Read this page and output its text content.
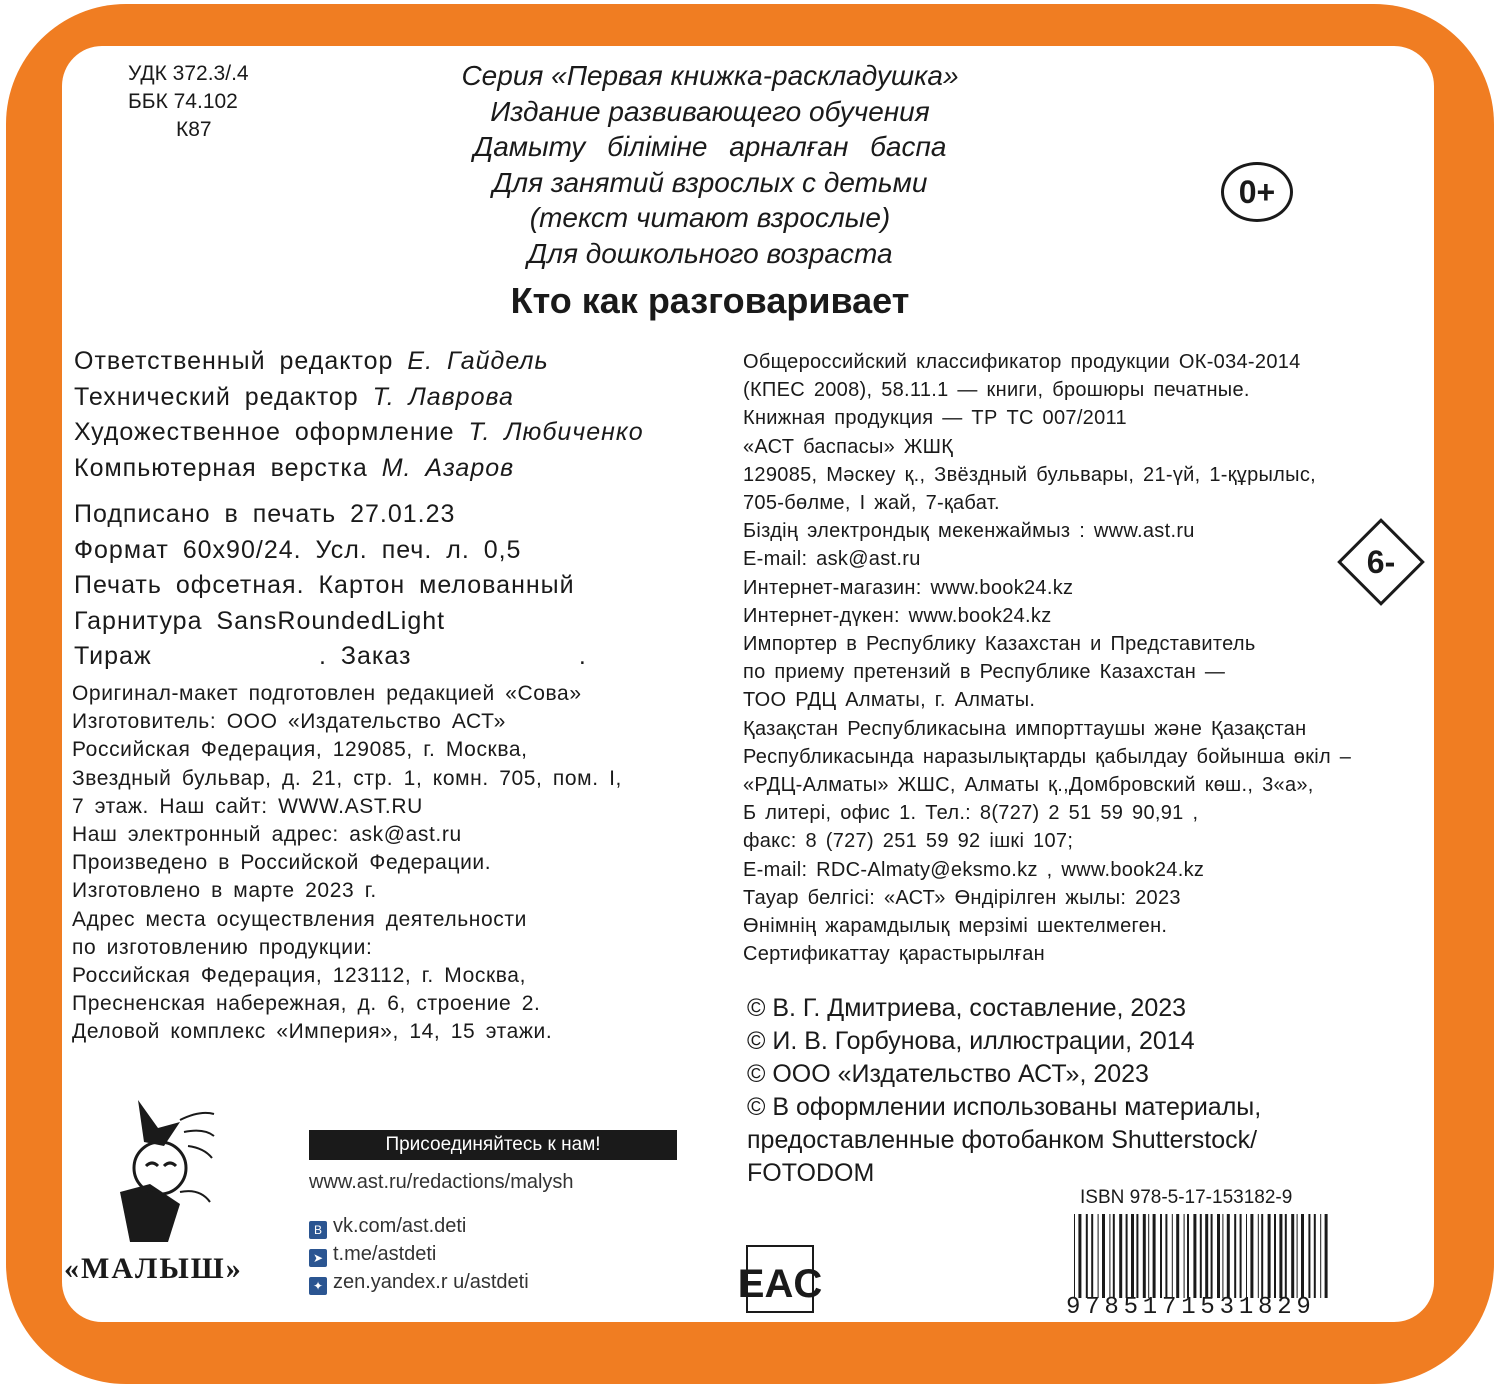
УДК 372.3/.4
ББК 74.102
К87
Серия «Первая книжка-раскладушка»
Издание развивающего обучения
Дамыту біліміне арналған баспа
Для занятий взрослых с детьми
(текст читают взрослые)
Для дошкольного возраста
Кто как разговаривает
0+
6-
Ответственный редактор Е. Гайдель
Технический редактор Т. Лаврова
Художественное оформление Т. Любиченко
Компьютерная верстка М. Азаров
Подписано в печать 27.01.23
Формат 60x90/24. Усл. печ. л. 0,5
Печать офсетная. Картон мелованный
Гарнитура SansRoundedLight
Тираж            . Заказ            .
Оригинал-макет подготовлен редакцией «Сова»
Изготовитель: ООО «Издательство АСТ»
Российская Федерация, 129085, г. Москва,
Звездный бульвар, д. 21, стр. 1, комн. 705, пом. I,
7 этаж. Наш сайт: WWW.AST.RU
Наш электронный адрес: ask@ast.ru
Произведено в Российской Федерации.
Изготовлено в марте 2023 г.
Адрес места осуществления деятельности
по изготовлению продукции:
Российская Федерация, 123112, г. Москва,
Пресненская набережная, д. 6, строение 2.
Деловой комплекс «Империя», 14, 15 этажи.
Общероссийский классификатор продукции ОК-034-2014
(КПЕС 2008), 58.11.1 — книги, брошюры печатные.
Книжная продукция — ТР ТС 007/2011
«АСТ баспасы» ЖШҚ
129085, Мәскеу қ., Звёздный бульвары, 21-үй, 1-құрылыс,
705-бөлме, I жай, 7-қабат.
Біздің электрондық мекенжаймыз : www.ast.ru
E-mail: ask@ast.ru
Интернет-магазин: www.book24.kz
Интернет-дүкен: www.book24.kz
Импортер в Республику Казахстан и Представитель
по приему претензий в Республике Казахстан —
ТОО РДЦ Алматы, г. Алматы.
Қазақстан Республикасына импорттаушы және Қазақстан
Республикасында наразылықтарды қабылдау бойынша өкіл –
«РДЦ-Алматы» ЖШС, Алматы қ.,Домбровский көш., 3«а»,
Б литері, офис 1. Тел.: 8(727) 2 51 59 90,91 ,
факс: 8 (727) 251 59 92 ішкі 107;
E-mail: RDC-Almaty@eksmo.kz , www.book24.kz
Тауар белгісі: «АСТ» Өндірілген жылы: 2023
Өнімнің жарамдылық мерзімі шектелмеген.
Сертификаттау қарастырылған
© В. Г. Дмитриева, составление, 2023
© И. В. Горбунова, иллюстрации, 2014
© ООО «Издательство АСТ», 2023
© В оформлении использованы материалы,
предоставленные фотобанком Shutterstock/
FOTODOM
«МАЛЫШ»
Присоединяйтесь к нам!
www.ast.ru/redactions/malysh
В vk.com/ast.deti
➤ t.me/astdeti
✦ zen.yandex.r u/astdeti	EAC
ISBN 978-5-17-153182-9
9785171531829
